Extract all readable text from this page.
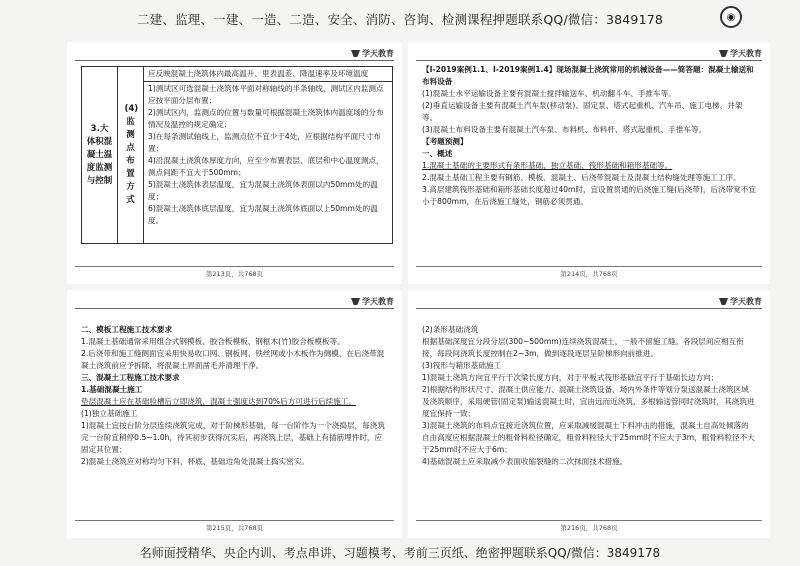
二建、监理、一建、一造、二造、安全、消防、咨询、检测课程押题联系QQ/微信：3849178	◉
学天教育
3.大体积混凝土温度监测与控制
(4)监测点布置方式
应反映混凝土浇筑体内最高温升、里表温差、降温速率及环境温度
1)测试区可选混凝土浇筑体平面对称轴线的半条轴线，测试区内监测点应按平面分层布置；
2)测试区内，监测点的位置与数量可根据混凝土浇筑体内温度场的分布情况及温控的规定确定；
3)在每条测试轴线上，监测点位不宜少于4处，应根据结构平面尺寸布置；
4)沿混凝土浇筑体厚度方向，应至少布置表层、底层和中心温度测点，测点间距不宜大于500mm；
5)混凝土浇筑体表层温度，宜为混凝土浇筑体表面以内50mm处的温度；
6)混凝土浇筑体底层温度，宜为混凝土浇筑体底面以上50mm处的温度。
第213页，共768页
学天教育
【I-2019案例1.1、I-2019案例1.4】现场混凝土浇筑常用的机械设备——简答题：混凝土输送和布料设备
(1)混凝土水平运输设备主要有混凝土搅拌输送车、机动翻斗车、手推车等。
(2)垂直运输设备主要有混凝土汽车泵(移动泵)、固定泵、塔式起重机、汽车吊、施工电梯、井架等。
(3)混凝土布料设备主要有混凝土汽车泵、布料机、布料杆、塔式起重机、手推车等。
【考题预测】
一、概述
1.混凝土基础的主要形式有条形基础、独立基础、筏形基础和箱形基础等。
2.混凝土基础工程主要有钢筋、模板、混凝土、后浇带混凝土及混凝土结构缝处理等施工工序。
3.高层建筑筏形基础和箱形基础长度超过40m时，宜设置贯通的后浇施工缝(后浇带)，后浇带宽不宜小于800mm，在后浇施工缝处，钢筋必须贯通。
第214页，共768页
学天教育
二、模板工程施工技术要求
1.混凝土基础通常采用组合式钢模板、胶合板模板、钢框木(竹)胶合板模板等。
2.后浇带和施工缝侧面宜采用快易收口网、钢板网、铁丝网或小木板作为侧模，在后浇带混凝土浇筑前应予拆除，将混凝土界面凿毛并清理干净。
三、混凝土工程施工技术要求
1.基础混凝土施工
垫层混凝土应在基础验槽后立即浇筑，混凝土强度达到70%后方可进行后续施工。
(1)独立基础施工
1)混凝土宜按台阶分层连续浇筑完成，对于阶梯形基础，每一台阶作为一个浇捣层，每浇筑完一台阶宜稍停0.5~1.0h，待其初步获得沉实后，再浇筑上层，基础上有插筋埋件时，应固定其位置；
2)混凝土浇筑应对称均匀下料，杯底、基础边角处混凝土捣实密实。
第215页，共768页
学天教育
(2)条形基础浇筑
根据基础深度宜分段分层(300~500mm)连续浇筑混凝土，一般不留施工缝。各段层间应相互衔接，每段间浇筑长度控制在2~3m，做到逐段逐层呈阶梯形向前推进。
(3)筏形与箱形基础施工
1)混凝土浇筑方向宜平行于次梁长度方向，对于平板式筏形基础宜平行于基础长边方向；
2)根据结构形状尺寸、混凝土供应能力、混凝土浇筑设备、场内外条件等划分泵送混凝土浇筑区域及浇筑顺序，采用硬管(固定泵)输送混凝土时，宜由远而近浇筑，多根输送管同时浇筑时，其浇筑进度宜保持一致；
3)混凝土浇筑的布料点宜接近浇筑位置，应采取减缓混凝土下料冲击的措施，混凝土自高处倾落的自由高度应根据混凝土的粗骨料粒径确定，粗骨料粒径大于25mm时不应大于3m，粗骨料粒径不大于25mm时不应大于6m；
4)基础混凝土应采取减少表面收缩裂缝的二次抹面技术措施。
第216页，共768页
名师面授精华、央企内训、考点串讲、习题模考、考前三页纸、绝密押题联系QQ/微信：3849178
